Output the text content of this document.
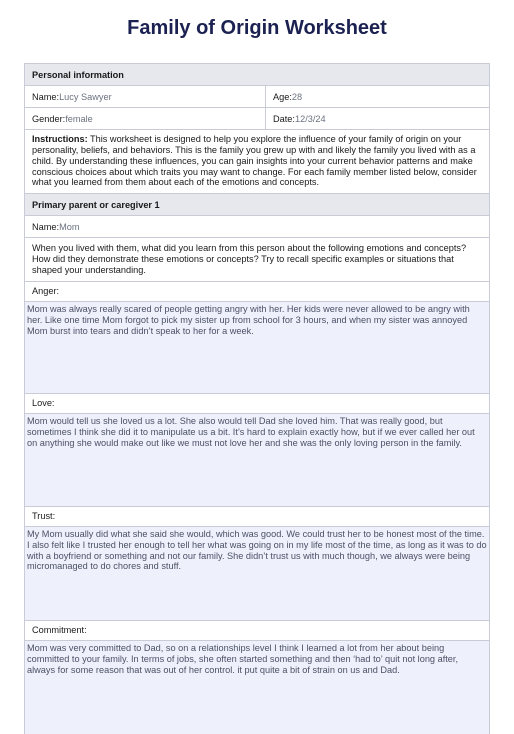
Family of Origin Worksheet
Personal information
Name:Lucy Sawyer	Age:28
Gender:female	Date:12/3/24
Instructions: This worksheet is designed to help you explore the influence of your family of origin on your personality, beliefs, and behaviors. This is the family you grew up with and likely the family you lived with as a child. By understanding these influences, you can gain insights into your current behavior patterns and make conscious choices about which traits you may want to change. For each family member listed below, consider what you learned from them about each of the emotions and concepts.
Primary parent or caregiver 1
Name:Mom
When you lived with them, what did you learn from this person about the following emotions and concepts? How did they demonstrate these emotions or concepts? Try to recall specific examples or situations that shaped your understanding.
Anger:
Mom was always really scared of people getting angry with her. Her kids were never allowed to be angry with her. Like one time Mom forgot to pick my sister up from school for 3 hours, and when my sister was annoyed Mom burst into tears and didn’t speak to her for a week.
Love:
Mom would tell us she loved us a lot. She also would tell Dad she loved him. That was really good, but sometimes I think she did it to manipulate us a bit. It’s hard to explain exactly how, but if we ever called her out on anything she would make out like we must not love her and she was the only loving person in the family.
Trust:
My Mom usually did what she said she would, which was good. We could trust her to be honest most of the time. I also felt like I trusted her enough to tell her what was going on in my life most of the time, as long as it was to do with a boyfriend or something and not our family. She didn’t trust us with much though, we always were being micromanaged to do chores and stuff.
Commitment:
Mom was very committed to Dad, so on a relationships level I think I learned a lot from her about being committed to your family. In terms of jobs, she often started something and then ‘had to’ quit not long after, always for some reason that was out of her control. it put quite a bit of strain on us and Dad.
